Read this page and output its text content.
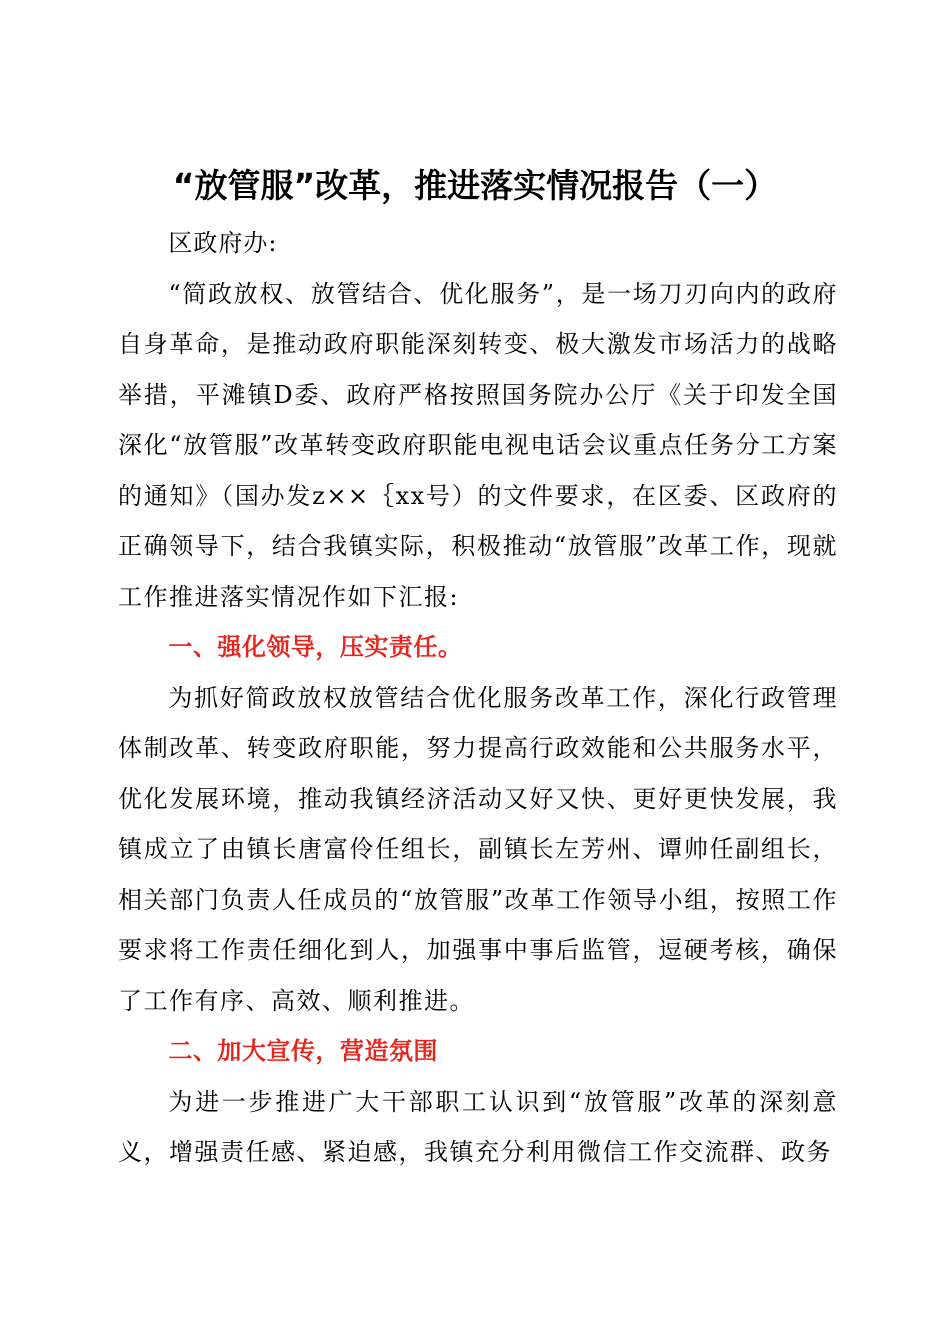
“放管服”改革，推进落实情况报告（一）

区政府办:

“简政放权、放管结合、优化服务”，是一场刀刃向内的政府自身革命，是推动政府职能深刻转变、极大激发市场活力的战略举措，平滩镇D委、政府严格按照国务院办公厅《关于印发全国深化“放管服”改革转变政府职能电视电话会议重点任务分工方案的通知》（国办发z××｛xx号）的文件要求，在区委、区政府的正确领导下，结合我镇实际，积极推动“放管服”改革工作，现就工作推进落实情况作如下汇报:

一、强化领导，压实责任。

为抓好简政放权放管结合优化服务改革工作，深化行政管理体制改革、转变政府职能，努力提高行政效能和公共服务水平，优化发展环境，推动我镇经济活动又好又快、更好更快发展，我镇成立了由镇长唐富伶任组长，副镇长左芳州、谭帅任副组长，相关部门负责人任成员的“放管服”改革工作领导小组，按照工作要求将工作责任细化到人，加强事中事后监管，逗硬考核，确保了工作有序、高效、顺利推进。

二、加大宣传，营造氛围

为进一步推进广大干部职工认识到“放管服”改革的深刻意义，增强责任感、紧迫感，我镇充分利用微信工作交流群、政务
